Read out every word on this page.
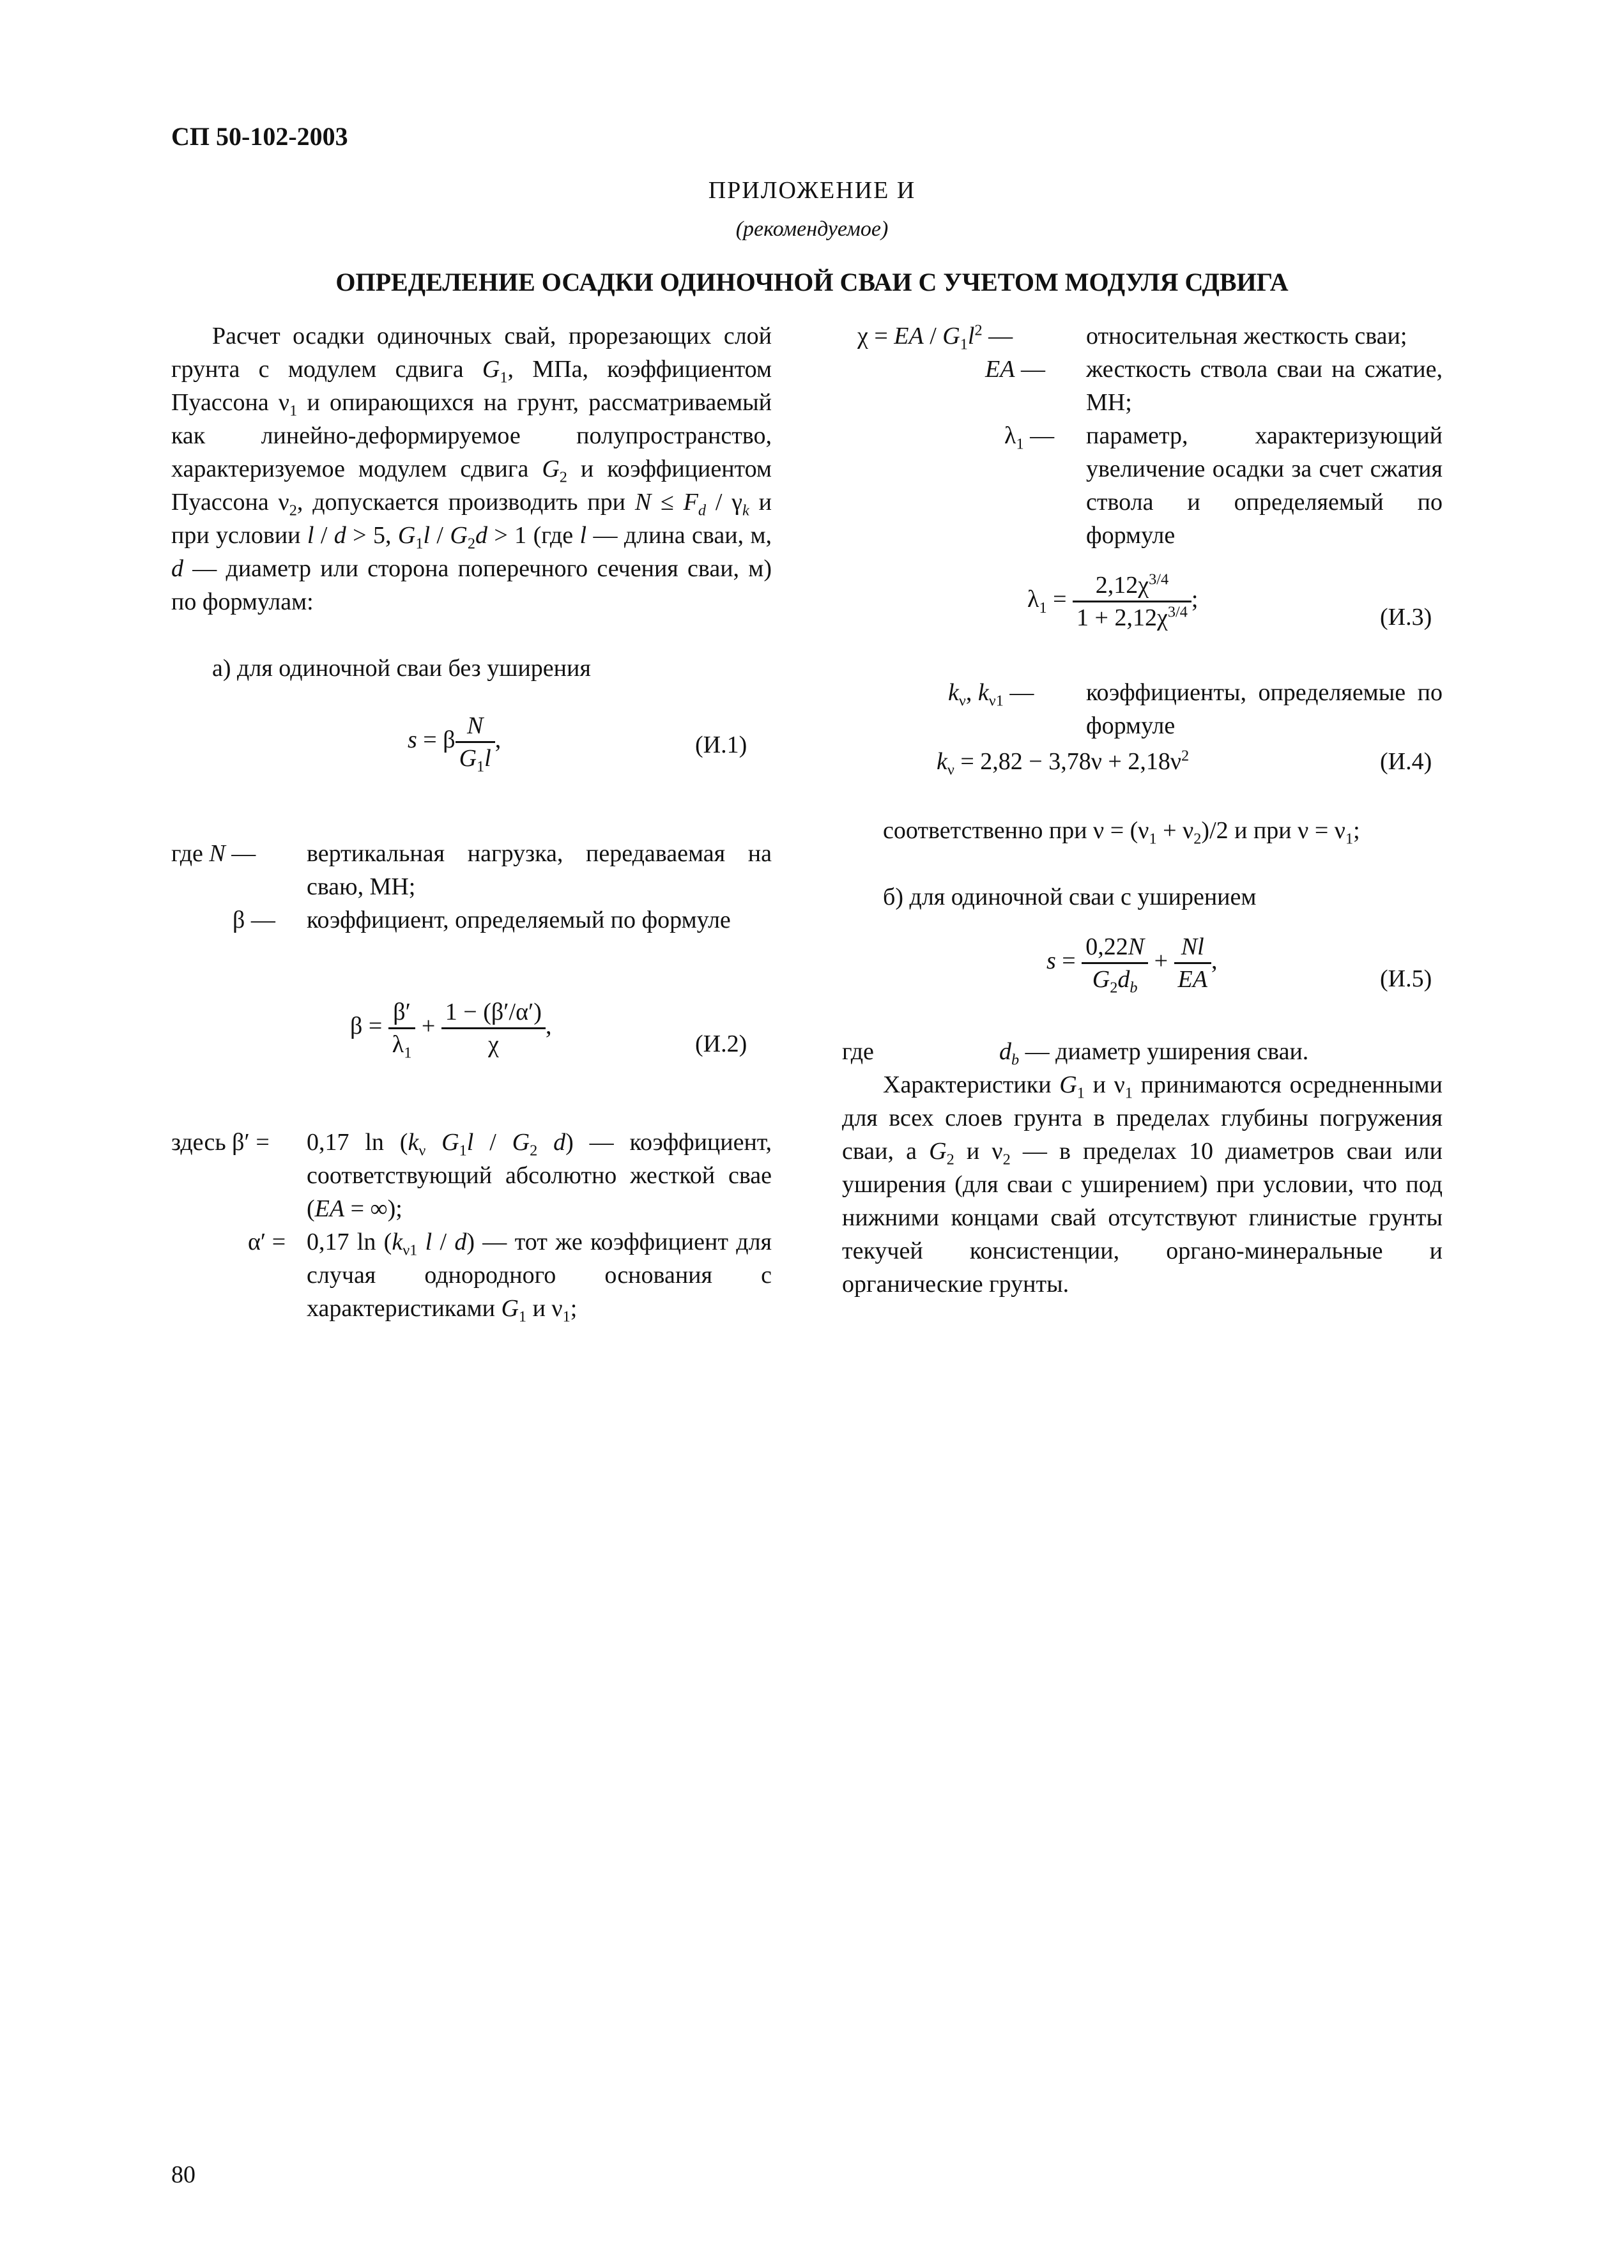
СП 50-102-2003
ПРИЛОЖЕНИЕ И
(рекомендуемое)
ОПРЕДЕЛЕНИЕ ОСАДКИ ОДИНОЧНОЙ СВАИ С УЧЕТОМ МОДУЛЯ СДВИГА
Расчет осадки одиночных свай, прорезающих слой грунта с модулем сдвига $G_1$, МПа, коэффициентом Пуассона $\nu_1$ и опирающихся на грунт, рассматриваемый как линейно-деформируемое полупространство, характеризуемое модулем сдвига $G_2$ и коэффициентом Пуассона $\nu_2$, допускается производить при $N \le F_d / \gamma_k$ и при условии l / d > 5, $G_1l / G_2d > 1$ (где l — длина сваи, м, d — диаметр или сторона поперечного сечения сваи, м) по формулам:
а) для одиночной сваи без уширения
s = β $\frac{N}{G_1l}$ ,	(И.1)
где N — вертикальная нагрузка, передаваемая на сваю, МН;
β — коэффициент, определяемый по формуле
$\beta = \frac{\beta'}{\lambda_1} + \frac{1 - (\beta'/\alpha')}{\chi}$ ,
(И.2)
здесь β′ = 0,17 $\ln (k_\nu$ $G_1l / G_2$ d) — коэффициент, соответствующий абсолютно жесткой свае (EA = ∞);
α′ = 0,17 $\ln (k_{\nu 1}$ l / d) — тот же коэффициент для случая однородного основания с характеристиками $G_1$ и $\nu_1$;
χ = EA / $G_1l^2$ —	относительная жесткость сваи;
EA — жесткость ствола сваи на сжатие, МН;
$\lambda_1$ — параметр, характеризующий увеличение осадки за счет сжатия ствола и определяемый по формуле
$\lambda_1 = \frac{2,12\chi^{3/4}}{1 + 2,12\chi^{3/4}}$ ;
(И.3)
$k_\nu$, $k_{\nu 1}$ — коэффициенты, определяемые по формуле
$k_\nu = 2,82 - 3,78\nu + 2,18\nu^2$	(И.4)
соответственно при $\nu = (\nu_1 + \nu_2)/2$ и при $\nu = \nu_1$;
б) для одиночной сваи с уширением
$s = \frac{0,22N}{G_2d_b} + \frac{Nl}{EA}$ ,
(И.5)
где	$d_b$ — диаметр уширения сваи.
Характеристики $G_1$ и $\nu_1$ принимаются осредненными для всех слоев грунта в пределах глубины погружения сваи, а $G_2$ и $\nu_2$ — в пределах 10 диаметров сваи или уширения (для сваи с уширением) при условии, что под нижними концами свай отсутствуют глинистые грунты текучей консистенции, органо-минеральные и органические грунты.
80
